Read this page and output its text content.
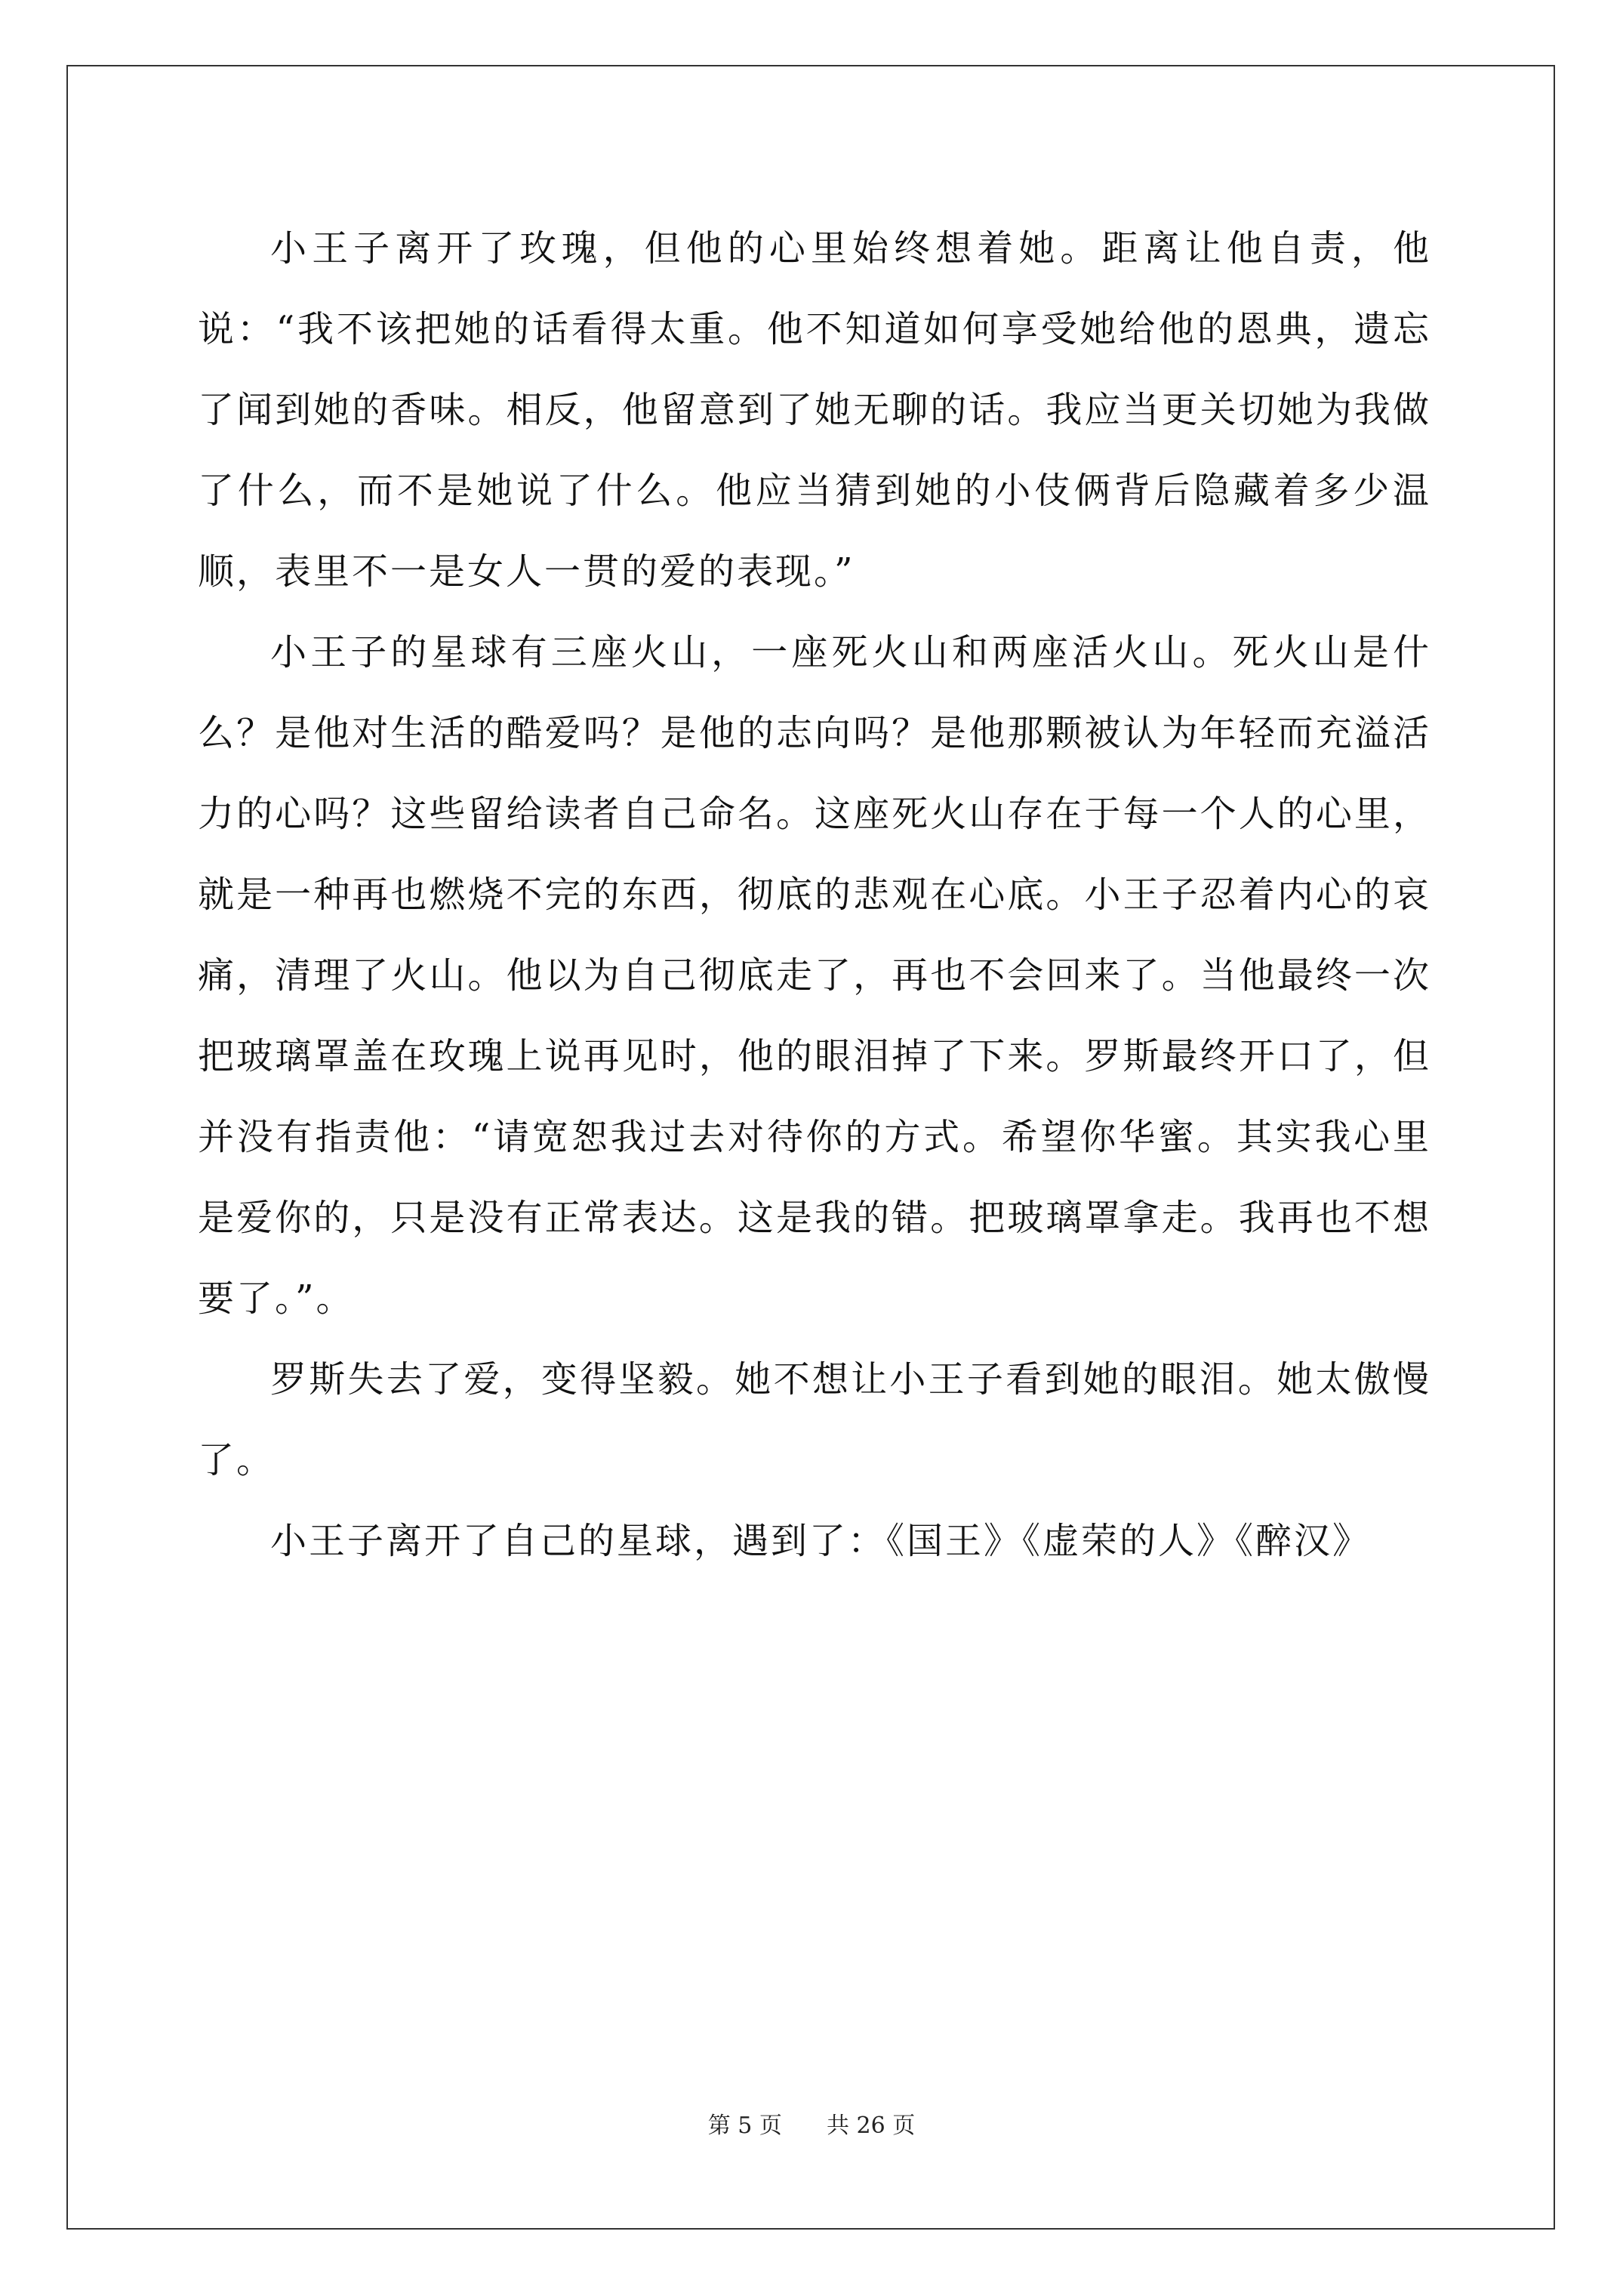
小王子离开了玫瑰，但他的心里始终想着她。距离让他自责，他说：“我不该把她的话看得太重。他不知道如何享受她给他的恩典，遗忘了闻到她的香味。相反，他留意到了她无聊的话。我应当更关切她为我做了什么，而不是她说了什么。他应当猜到她的小伎俩背后隐藏着多少温顺，表里不一是女人一贯的爱的表现。”

小王子的星球有三座火山，一座死火山和两座活火山。死火山是什么？是他对生活的酷爱吗？是他的志向吗？是他那颗被认为年轻而充溢活力的心吗？这些留给读者自己命名。这座死火山存在于每一个人的心里，就是一种再也燃烧不完的东西，彻底的悲观在心底。小王子忍着内心的哀痛，清理了火山。他以为自己彻底走了，再也不会回来了。当他最终一次把玻璃罩盖在玫瑰上说再见时，他的眼泪掉了下来。罗斯最终开口了，但并没有指责他：“请宽恕我过去对待你的方式。希望你华蜜。其实我心里是爱你的，只是没有正常表达。这是我的错。把玻璃罩拿走。我再也不想要了。”。

罗斯失去了爱，变得坚毅。她不想让小王子看到她的眼泪。她太傲慢了。

小王子离开了自己的星球，遇到了：《国王》《虚荣的人》《醉汉》

第 5 页 共 26 页
